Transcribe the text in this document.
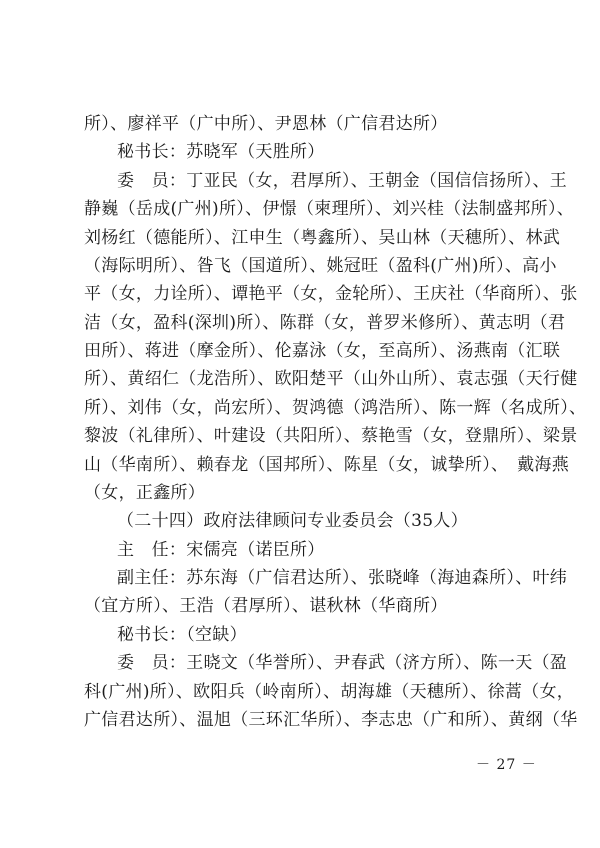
所）、廖祥平（广中所）、尹恩林（广信君达所）
秘书长：苏晓军（天胜所）
委　员：丁亚民（女，君厚所）、王朝金（国信信扬所）、王
静巍（岳成(广州)所）、伊憬（柬理所）、刘兴桂（法制盛邦所）、
刘杨红（德能所）、江申生（粤鑫所）、吴山林（天穗所）、林武
（海际明所）、昝飞（国道所）、姚冠旺（盈科(广州)所）、高小
平（女，力诠所）、谭艳平（女，金轮所）、王庆社（华商所）、张
洁（女，盈科(深圳)所）、陈群（女，普罗米修所）、黄志明（君
田所）、蒋进（摩金所）、伦嘉泳（女，至高所）、汤燕南（汇联
所）、黄绍仁（龙浩所）、欧阳楚平（山外山所）、袁志强（天行健
所）、刘伟（女，尚宏所）、贺鸿德（鸿浩所）、陈一辉（名成所）、
黎波（礼律所）、叶建设（共阳所）、蔡艳雪（女，登鼎所）、梁景
山（华南所）、赖春龙（国邦所）、陈星（女，诚挚所）、　戴海燕
（女，正鑫所）
（二十四）政府法律顾问专业委员会（35人）
主　任：宋儒亮（诺臣所）
副主任：苏东海（广信君达所）、张晓峰（海迪森所）、叶纬
（宜方所）、王浩（君厚所）、谌秋林（华商所）
秘书长：（空缺）
委　员：王晓文（华誉所）、尹春武（济方所）、陈一天（盈
科(广州)所）、欧阳兵（岭南所）、胡海雄（天穗所）、徐蒿（女，
广信君达所）、温旭（三环汇华所）、李志忠（广和所）、黄纲（华
－ 27 －
